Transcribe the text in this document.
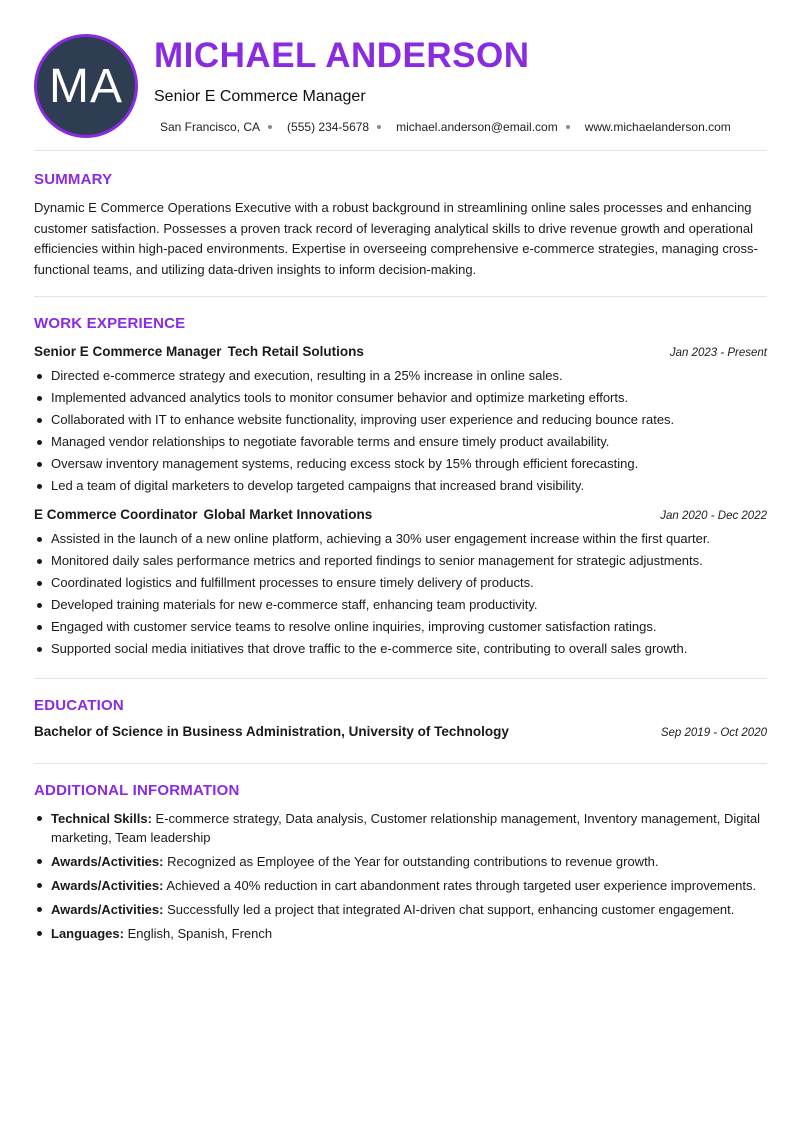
MA
MICHAEL ANDERSON
Senior E Commerce Manager
San Francisco, CA (555) 234-5678 michael.anderson@email.com www.michaelanderson.com
SUMMARY

Dynamic E Commerce Operations Executive with a robust background in streamlining online sales processes and enhancing customer satisfaction. Possesses a proven track record of leveraging analytical skills to drive revenue growth and operational efficiencies within high-paced environments. Expertise in overseeing comprehensive e-commerce strategies, managing cross-functional teams, and utilizing data-driven insights to inform decision-making.

WORK EXPERIENCE
Senior E Commerce Manager Tech Retail Solutions	Jan 2023 - Present
Directed e-commerce strategy and execution, resulting in a 25% increase in online sales.
Implemented advanced analytics tools to monitor consumer behavior and optimize marketing efforts.
Collaborated with IT to enhance website functionality, improving user experience and reducing bounce rates.
Managed vendor relationships to negotiate favorable terms and ensure timely product availability.
Oversaw inventory management systems, reducing excess stock by 15% through efficient forecasting.
Led a team of digital marketers to develop targeted campaigns that increased brand visibility.
E Commerce Coordinator Global Market Innovations	Jan 2020 - Dec 2022
Assisted in the launch of a new online platform, achieving a 30% user engagement increase within the first quarter.
Monitored daily sales performance metrics and reported findings to senior management for strategic adjustments.
Coordinated logistics and fulfillment processes to ensure timely delivery of products.
Developed training materials for new e-commerce staff, enhancing team productivity.
Engaged with customer service teams to resolve online inquiries, improving customer satisfaction ratings.
Supported social media initiatives that drove traffic to the e-commerce site, contributing to overall sales growth.
EDUCATION
Bachelor of Science in Business Administration, University of Technology	Sep 2019 - Oct 2020
ADDITIONAL INFORMATION
Technical Skills: E-commerce strategy, Data analysis, Customer relationship management, Inventory management, Digital marketing, Team leadership
Awards/Activities: Recognized as Employee of the Year for outstanding contributions to revenue growth.
Awards/Activities: Achieved a 40% reduction in cart abandonment rates through targeted user experience improvements.
Awards/Activities: Successfully led a project that integrated AI-driven chat support, enhancing customer engagement.
Languages: English, Spanish, French
